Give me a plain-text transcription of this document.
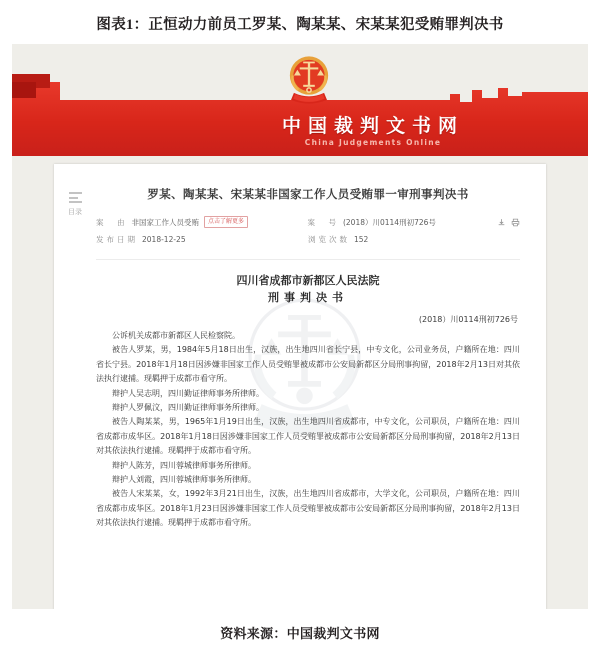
图表1：正恒动力前员工罗某、陶某某、宋某某犯受贿罪判决书
中国裁判文书网
China Judgements Online
目录
罗某、陶某某、宋某某非国家工作人员受贿罪一审刑事判决书
案　由 非国家工作人员受贿	点击了解更多	案　号 (2018）川0114刑初726号
发布日期 2018-12-25	浏览次数 152
四川省成都市新都区人民法院
刑事判决书
(2018）川0114刑初726号

公诉机关成都市新都区人民检察院。

被告人罗某，男，1984年5月18日出生，汉族，出生地四川省长宁县，中专文化，公司业务员，户籍所在地：四川省长宁县。2018年1月18日因涉嫌非国家工作人员受贿罪被成都市公安局新都区分局刑事拘留，2018年2月13日对其依法执行逮捕。现羁押于成都市看守所。

辩护人吴志明，四川勤证律师事务所律师。

辩护人罗佩汶，四川勤证律师事务所律师。

被告人陶某某，男，1965年1月19日出生，汉族，出生地四川省成都市，中专文化，公司职员，户籍所在地：四川省成都市成华区。2018年1月18日因涉嫌非国家工作人员受贿罪被成都市公安局新都区分局刑事拘留，2018年2月13日对其依法执行逮捕。现羁押于成都市看守所。

辩护人陈芳，四川蓉城律师事务所律师。

辩护人刘霞，四川蓉城律师事务所律师。

被告人宋某某，女，1992年3月21日出生，汉族，出生地四川省成都市，大学文化，公司职员，户籍所在地：四川省成都市成华区。2018年1月23日因涉嫌非国家工作人员受贿罪被成都市公安局新都区分局刑事拘留，2018年2月13日对其依法执行逮捕。现羁押于成都市看守所。

资料来源：中国裁判文书网
